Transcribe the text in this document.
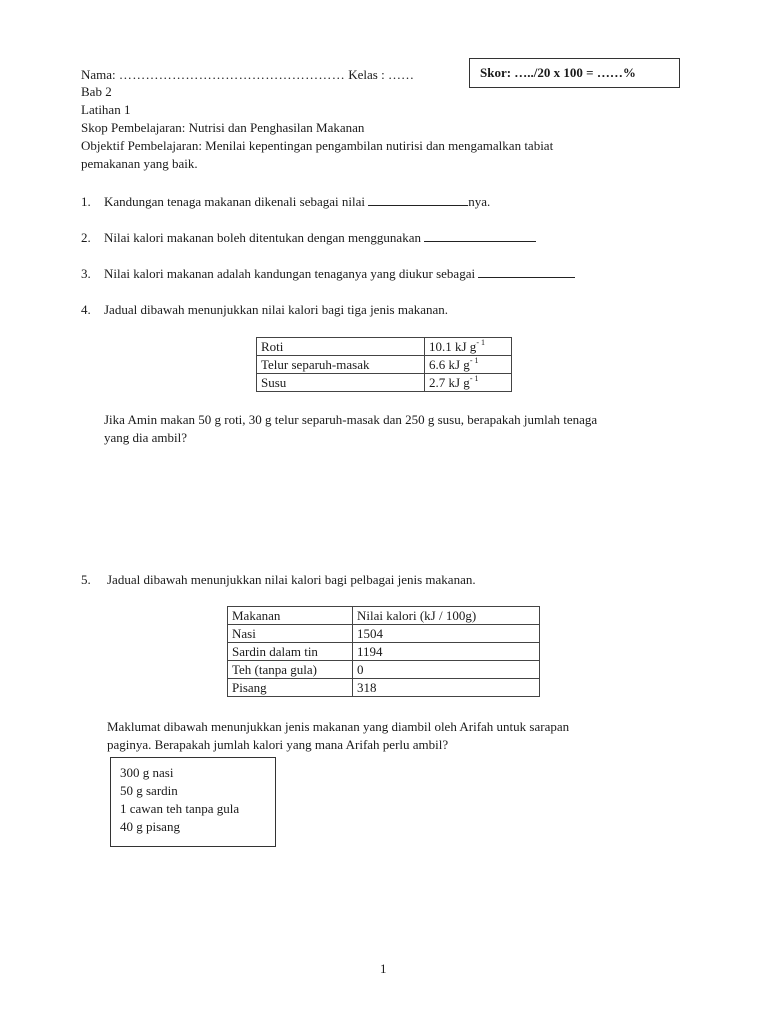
Nama: …………………………………………… Kelas : ……	Skor: …../20 x 100 = ……%
Bab 2
Latihan 1
Skop Pembelajaran: Nutrisi dan Penghasilan Makanan
Objektif Pembelajaran: Menilai kepentingan pengambilan nutirisi dan mengamalkan tabiat
pemakanan yang baik.
1. Kandungan tenaga makanan dikenali sebagai nilai	nya.
2. Nilai kalori makanan boleh ditentukan dengan menggunakan
3. Nilai kalori makanan adalah kandungan tenaganya yang diukur sebagai
4. Jadual dibawah menunjukkan nilai kalori bagi tiga jenis makanan.
Roti	10.1 kJ $g^{- 1}$
Telur separuh-masak	6.6 kJ $g^{- 1}$
Susu	2.7 kJ $g^{- 1}$
Jika Amin makan 50 g roti, 30 g telur separuh-masak dan 250 g susu, berapakah jumlah tenaga
yang dia ambil?
5. Jadual dibawah menunjukkan nilai kalori bagi pelbagai jenis makanan.
Makanan	Nilai kalori (kJ / 100g)
Nasi	1504
Sardin dalam tin	1194
Teh (tanpa gula)	0
Pisang	318
Maklumat dibawah menunjukkan jenis makanan yang diambil oleh Arifah untuk sarapan
paginya. Berapakah jumlah kalori yang mana Arifah perlu ambil?
300 g nasi
50 g sardin
1 cawan teh tanpa gula
40 g pisang
1
